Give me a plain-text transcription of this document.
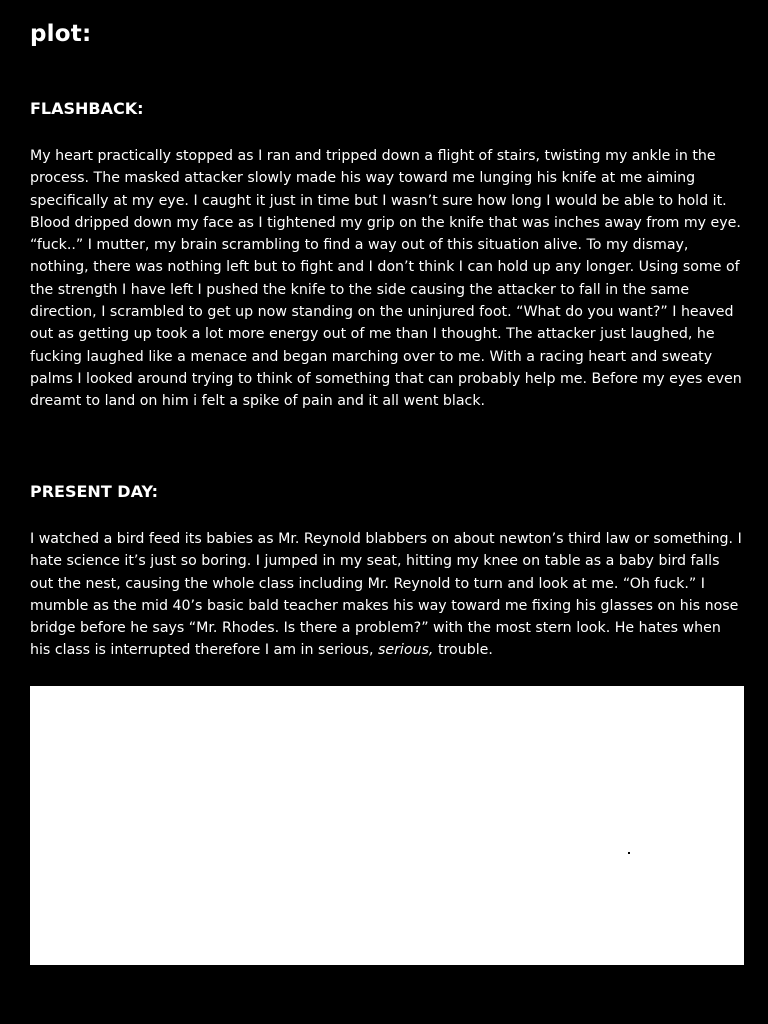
plot:
FLASHBACK:

My heart practically stopped as I ran and tripped down a flight of stairs, twisting my ankle in the process. The masked attacker slowly made his way toward me lunging his knife at me aiming specifically at my eye. I caught it just in time but I wasn’t sure how long I would be able to hold it. Blood dripped down my face as I tightened my grip on the knife that was inches away from my eye. “fuck..” I mutter, my brain scrambling to find a way out of this situation alive. To my dismay, nothing, there was nothing left but to fight and I don’t think I can hold up any longer. Using some of the strength I have left I pushed the knife to the side causing the attacker to fall in the same direction, I scrambled to get up now standing on the uninjured foot. “What do you want?” I heaved out as getting up took a lot more energy out of me than I thought. The attacker just laughed, he fucking laughed like a menace and began marching over to me. With a racing heart and sweaty palms I looked around trying to think of something that can probably help me. Before my eyes even dreamt to land on him i felt a spike of pain and it all went black.

PRESENT DAY:

I watched a bird feed its babies as Mr. Reynold blabbers on about newton’s third law or something. I hate science it’s just so boring. I jumped in my seat, hitting my knee on table as a baby bird falls out the nest, causing the whole class including Mr. Reynold to turn and look at me. “Oh fuck.” I mumble as the mid 40’s basic bald teacher makes his way toward me fixing his glasses on his nose bridge before he says “Mr. Rhodes. Is there a problem?” with the most stern look. He hates when his class is interrupted therefore I am in serious, serious, trouble.
